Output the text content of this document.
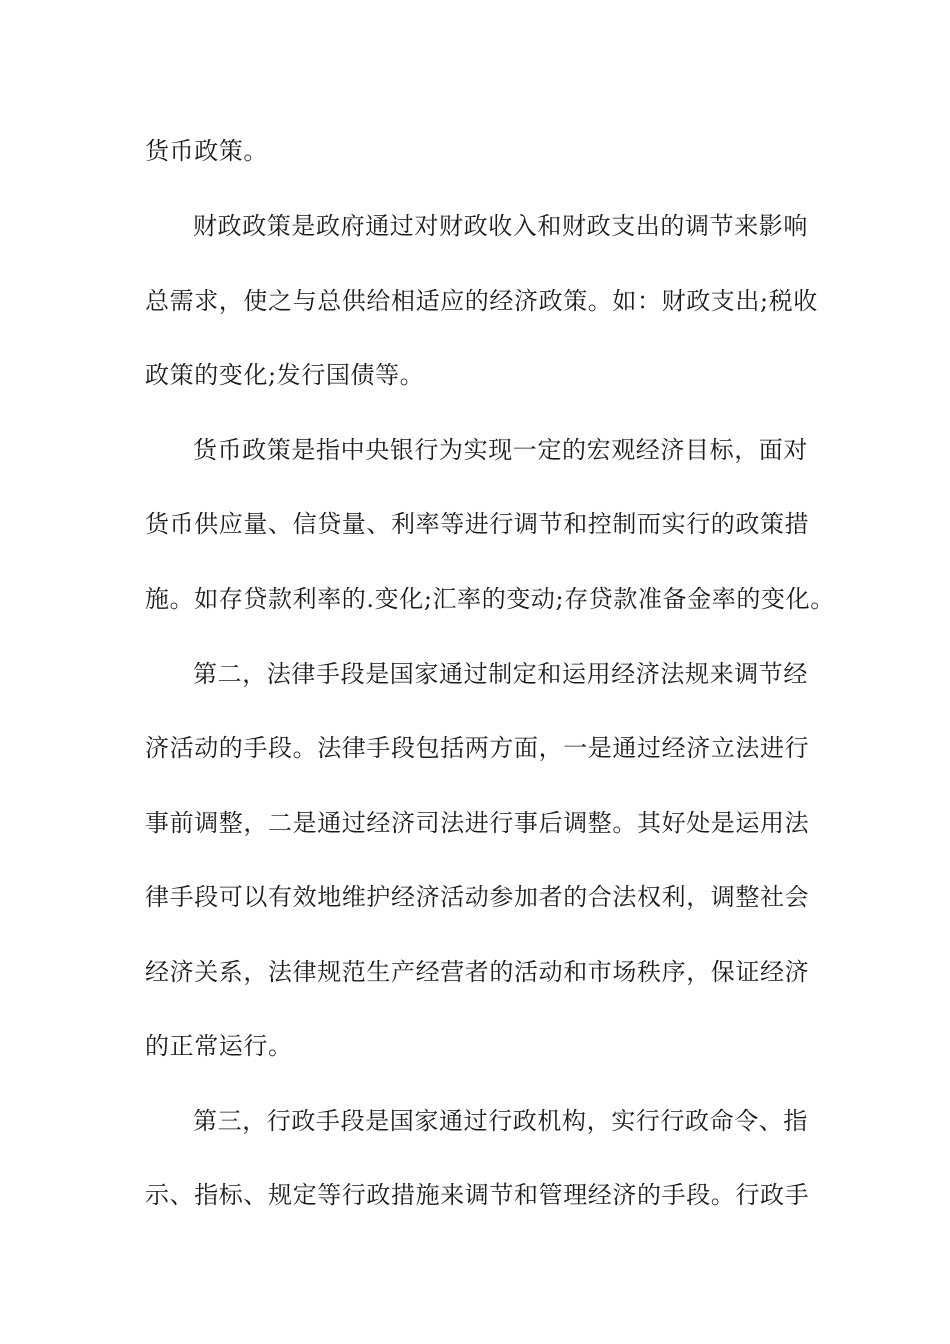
货币政策。
财政政策是政府通过对财政收入和财政支出的调节来影响
总需求，使之与总供给相适应的经济政策。如：财政支出;税收
政策的变化;发行国债等。
货币政策是指中央银行为实现一定的宏观经济目标，面对
货币供应量、信贷量、利率等进行调节和控制而实行的政策措
施。如存贷款利率的.变化;汇率的变动;存贷款准备金率的变化。
第二，法律手段是国家通过制定和运用经济法规来调节经
济活动的手段。法律手段包括两方面，一是通过经济立法进行
事前调整，二是通过经济司法进行事后调整。其好处是运用法
律手段可以有效地维护经济活动参加者的合法权利，调整社会
经济关系，法律规范生产经营者的活动和市场秩序，保证经济
的正常运行。
第三，行政手段是国家通过行政机构，实行行政命令、指
示、指标、规定等行政措施来调节和管理经济的手段。行政手
